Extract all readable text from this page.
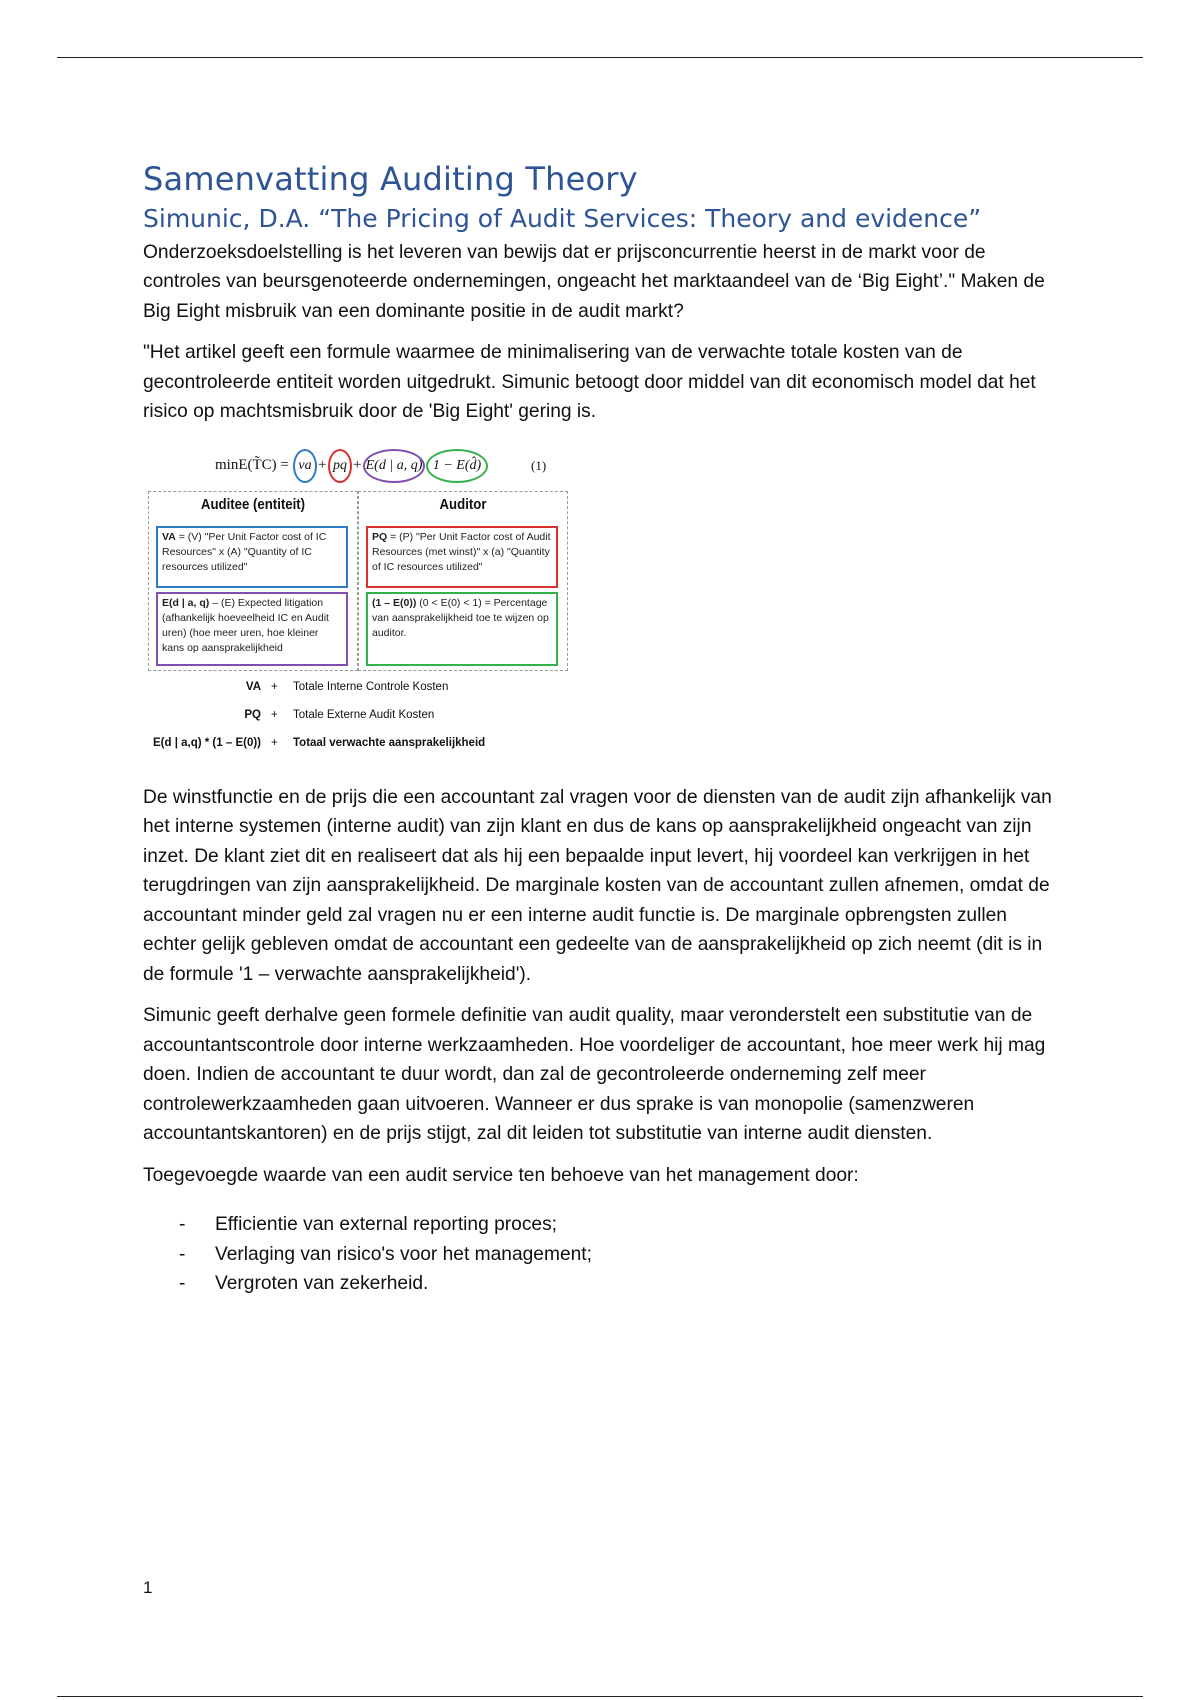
Samenvatting Auditing Theory
Simunic, D.A. “The Pricing of Audit Services: Theory and evidence”

Onderzoeksdoelstelling is het leveren van bewijs dat er prijsconcurrentie heerst in de markt voor de controles van beursgenoteerde ondernemingen, ongeacht het marktaandeel van de ‘Big Eight’." Maken de Big Eight misbruik van een dominante positie in de audit markt?

"Het artikel geeft een formule waarmee de minimalisering van de verwachte totale kosten van de gecontroleerde entiteit worden uitgedrukt. Simunic betoogt door middel van dit economisch model dat het risico op machtsmisbruik door de 'Big Eight' gering is.

minE(T̃C) = va + pq + E(d | a, q) 1 − E(d̂)	(1)
Auditee (entiteit)
VA = (V) "Per Unit Factor cost of IC Resources" x (A) "Quantity of IC resources utilized"
E(d | a, q) – (E) Expected litigation (afhankelijk hoeveelheid IC en Audit uren) (hoe meer uren, hoe kleiner kans op aansprakelijkheid
Auditor
PQ = (P) "Per Unit Factor cost of Audit Resources (met winst)" x (a) "Quantity of IC resources utilized"
(1 – E(0)) (0 < E(0) < 1) = Percentage van aansprakelijkheid toe te wijzen op auditor.
VA + Totale Interne Controle Kosten
PQ + Totale Externe Audit Kosten
E(d | a,q) * (1 – E(0)) + Totaal verwachte aansprakelijkheid

De winstfunctie en de prijs die een accountant zal vragen voor de diensten van de audit zijn afhankelijk van het interne systemen (interne audit) van zijn klant en dus de kans op aansprakelijkheid ongeacht van zijn inzet. De klant ziet dit en realiseert dat als hij een bepaalde input levert, hij voordeel kan verkrijgen in het terugdringen van zijn aansprakelijkheid. De marginale kosten van de accountant zullen afnemen, omdat de accountant minder geld zal vragen nu er een interne audit functie is. De marginale opbrengsten zullen echter gelijk gebleven omdat de accountant een gedeelte van de aansprakelijkheid op zich neemt (dit is in de formule '1 – verwachte aansprakelijkheid').

Simunic geeft derhalve geen formele definitie van audit quality, maar veronderstelt een substitutie van de accountantscontrole door interne werkzaamheden. Hoe voordeliger de accountant, hoe meer werk hij mag doen. Indien de accountant te duur wordt, dan zal de gecontroleerde onderneming zelf meer controlewerkzaamheden gaan uitvoeren. Wanneer er dus sprake is van monopolie (samenzweren accountantskantoren) en de prijs stijgt, zal dit leiden tot substitutie van interne audit diensten.

Toegevoegde waarde van een audit service ten behoeve van het management door:

- Efficientie van external reporting proces;
- Verlaging van risico's voor het management;
- Vergroten van zekerheid.
1
